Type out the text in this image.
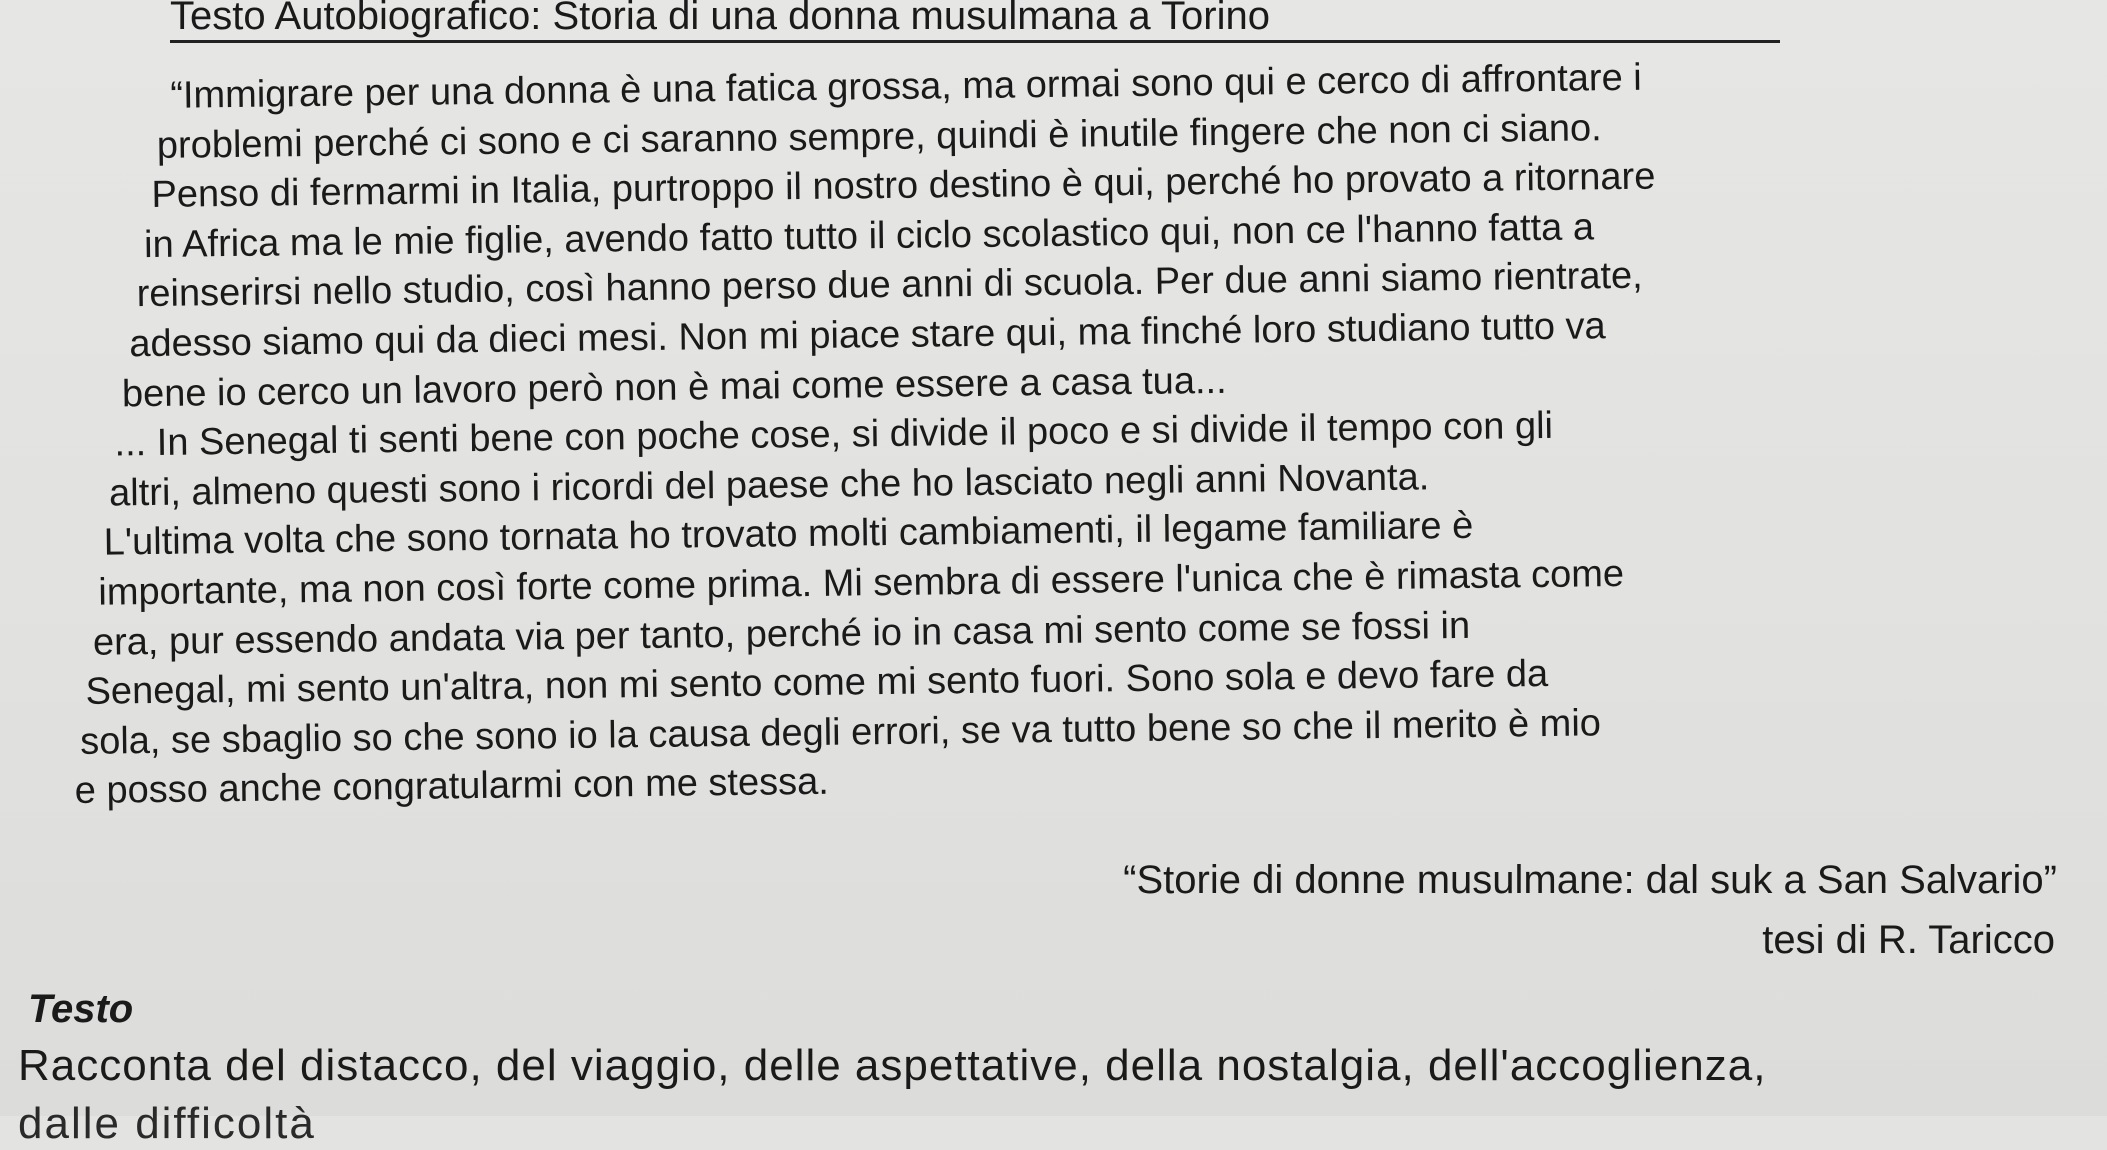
Testo Autobiografico: Storia di una donna musulmana a Torino
“Immigrare per una donna è una fatica grossa, ma ormai sono qui e cerco di affrontare i
problemi perché ci sono e ci saranno sempre, quindi è inutile fingere che non ci siano.
Penso di fermarmi in Italia, purtroppo il nostro destino è qui, perché ho provato a ritornare
in Africa ma le mie figlie, avendo fatto tutto il ciclo scolastico qui, non ce l'hanno fatta a
reinserirsi nello studio, così hanno perso due anni di scuola. Per due anni siamo rientrate,
adesso siamo qui da dieci mesi. Non mi piace stare qui, ma finché loro studiano tutto va
bene io cerco un lavoro però non è mai come essere a casa tua...
... In Senegal ti senti bene con poche cose, si divide il poco e si divide il tempo con gli
altri, almeno questi sono i ricordi del paese che ho lasciato negli anni Novanta.
L'ultima volta che sono tornata ho trovato molti cambiamenti, il legame familiare è
importante, ma non così forte come prima. Mi sembra di essere l'unica che è rimasta come
era, pur essendo andata via per tanto, perché io in casa mi sento come se fossi in
Senegal, mi sento un'altra, non mi sento come mi sento fuori. Sono sola e devo fare da
sola, se sbaglio so che sono io la causa degli errori, se va tutto bene so che il merito è mio
e posso anche congratularmi con me stessa.
“Storie di donne musulmane: dal suk a San Salvario”
tesi di R. Taricco
Testo
Racconta del distacco, del viaggio, delle aspettative, della nostalgia, dell'accoglienza,
dalle difficoltà
